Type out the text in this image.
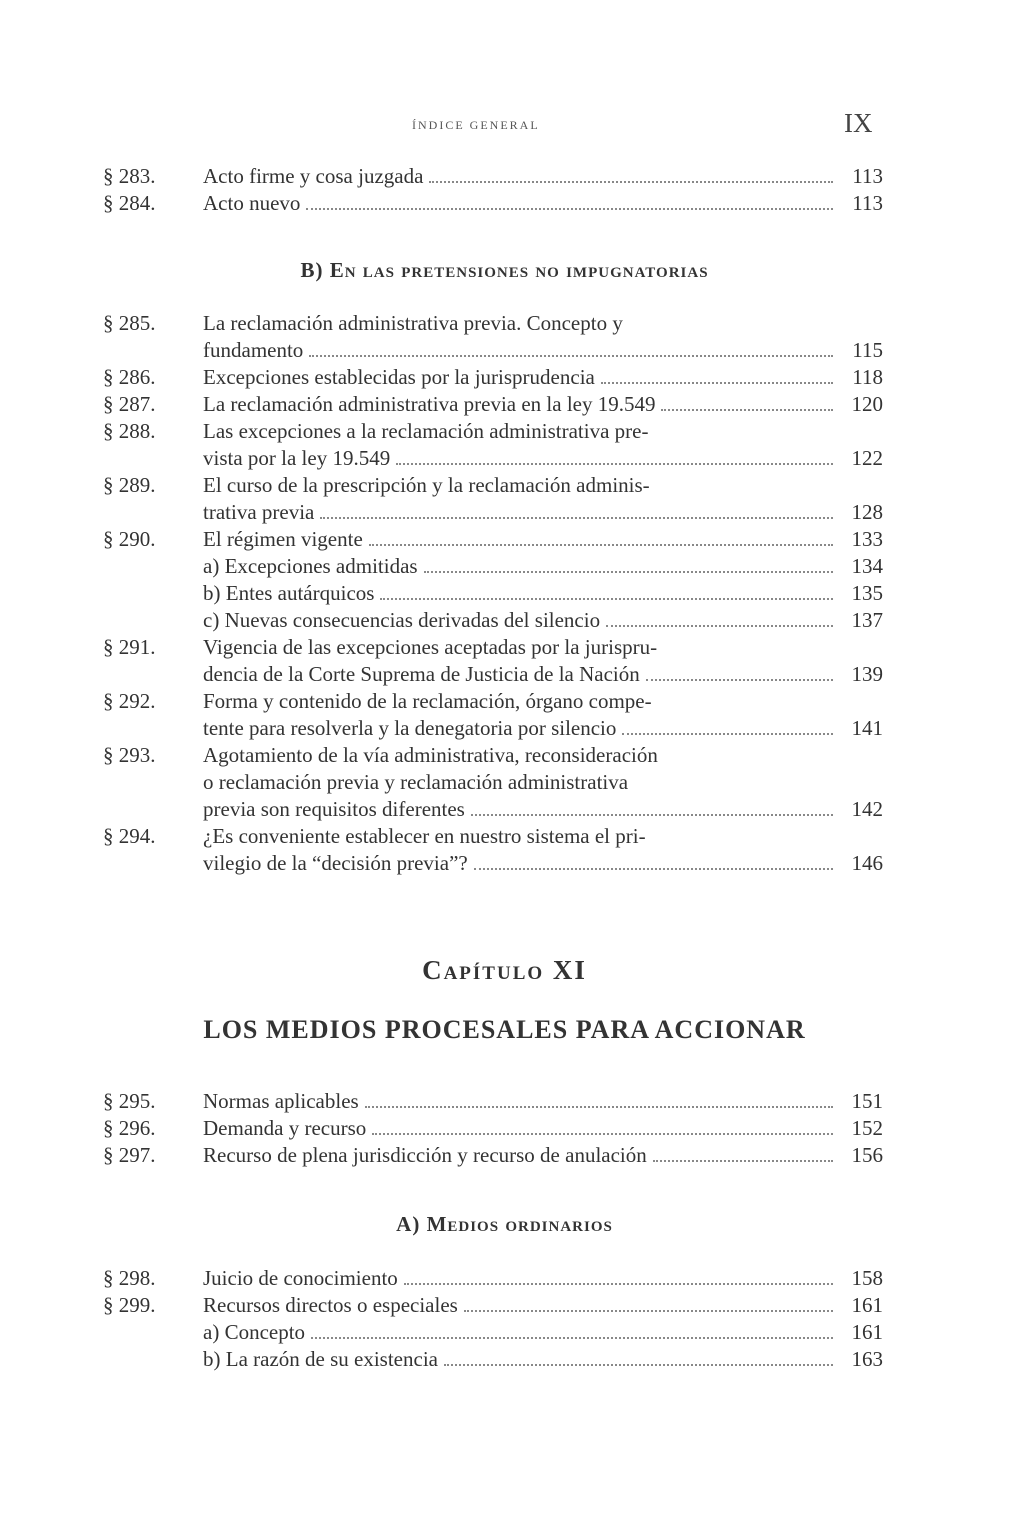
ÍNDICE GENERAL	IX
§ 283.	Acto firme y cosa juzgada	113
§ 284.	Acto nuevo	113
B) En las pretensiones no impugnatorias
§ 285.	La reclamación administrativa previa. Concepto y
fundamento	115
§ 286.	Excepciones establecidas por la jurisprudencia	118
§ 287.	La reclamación administrativa previa en la ley 19.549	120
§ 288.	Las excepciones a la reclamación administrativa pre-
vista por la ley 19.549	122
§ 289.	El curso de la prescripción y la reclamación adminis-
trativa previa	128
§ 290.	El régimen vigente	133
a) Excepciones admitidas	134
b) Entes autárquicos	135
c) Nuevas consecuencias derivadas del silencio	137
§ 291.	Vigencia de las excepciones aceptadas por la jurispru-
dencia de la Corte Suprema de Justicia de la Nación	139
§ 292.	Forma y contenido de la reclamación, órgano compe-
tente para resolverla y la denegatoria por silencio	141
§ 293.	Agotamiento de la vía administrativa, reconsideración
o reclamación previa y reclamación administrativa
previa son requisitos diferentes	142
§ 294.	¿Es conveniente establecer en nuestro sistema el pri-
vilegio de la “decisión previa”?	146
Capítulo XI
LOS MEDIOS PROCESALES PARA ACCIONAR
§ 295.	Normas aplicables	151
§ 296.	Demanda y recurso	152
§ 297.	Recurso de plena jurisdicción y recurso de anulación	156
A) Medios ordinarios
§ 298.	Juicio de conocimiento	158
§ 299.	Recursos directos o especiales	161
a) Concepto	161
b) La razón de su existencia	163
